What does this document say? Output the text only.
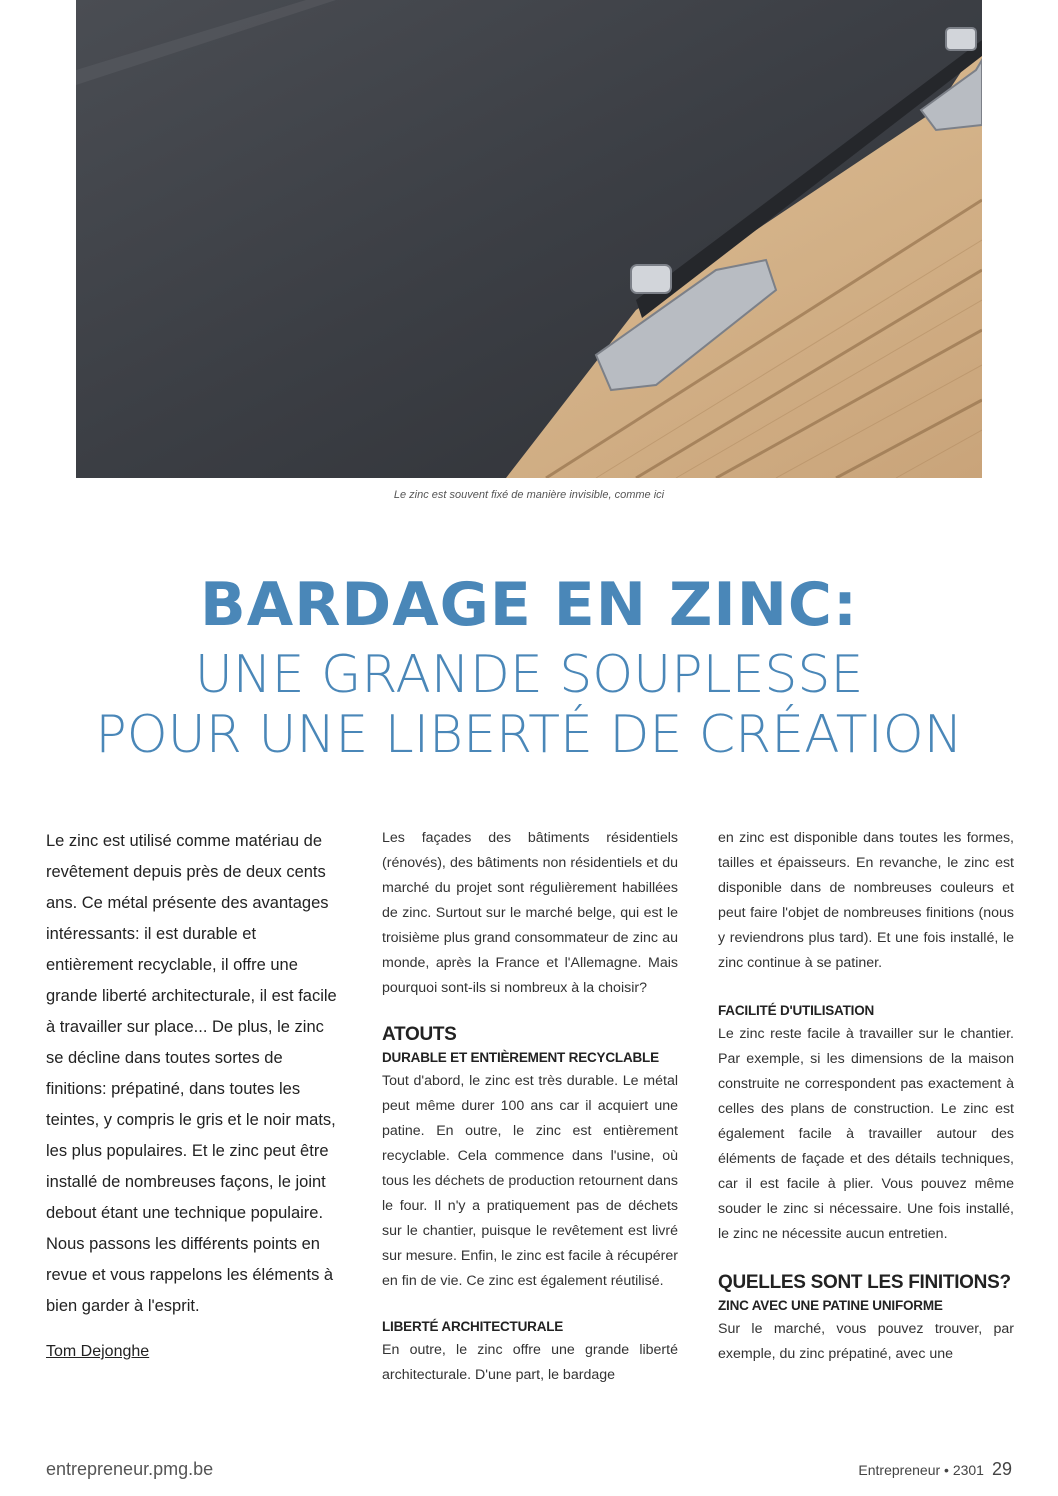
Le zinc est souvent fixé de manière invisible, comme ici
BARDAGE EN ZINC:
UNE GRANDE SOUPLESSE
POUR UNE LIBERTÉ DE CRÉATION
Le zinc est utilisé comme matériau de revêtement depuis près de deux cents ans. Ce métal présente des avantages intéressants: il est durable et entièrement recyclable, il offre une grande liberté architecturale, il est facile à travailler sur place... De plus, le zinc se décline dans toutes sortes de finitions: prépatiné, dans toutes les teintes, y compris le gris et le noir mats, les plus populaires. Et le zinc peut être installé de nombreuses façons, le joint debout étant une technique populaire. Nous passons les différents points en revue et vous rappelons les éléments à bien garder à l'esprit.
Tom Dejonghe

Les façades des bâtiments résidentiels (rénovés), des bâtiments non résidentiels et du marché du projet sont régulièrement habillées de zinc. Surtout sur le marché belge, qui est le troisième plus grand consommateur de zinc au monde, après la France et l'Allemagne. Mais pourquoi sont-ils si nombreux à la choisir?

ATOUTS

DURABLE ET ENTIÈREMENT RECYCLABLE

Tout d'abord, le zinc est très durable. Le métal peut même durer 100 ans car il acquiert une patine. En outre, le zinc est entièrement recyclable. Cela commence dans l'usine, où tous les déchets de production retournent dans le four. Il n'y a pratiquement pas de déchets sur le chantier, puisque le revêtement est livré sur mesure. Enfin, le zinc est facile à récupérer en fin de vie. Ce zinc est également réutilisé.

LIBERTÉ ARCHITECTURALE

En outre, le zinc offre une grande liberté architecturale. D'une part, le bardage

en zinc est disponible dans toutes les formes, tailles et épaisseurs. En revanche, le zinc est disponible dans de nombreuses couleurs et peut faire l'objet de nombreuses finitions (nous y reviendrons plus tard). Et une fois installé, le zinc continue à se patiner.

FACILITÉ D'UTILISATION

Le zinc reste facile à travailler sur le chantier. Par exemple, si les dimensions de la maison construite ne correspondent pas exactement à celles des plans de construction. Le zinc est également facile à travailler autour des éléments de façade et des détails techniques, car il est facile à plier. Vous pouvez même souder le zinc si nécessaire. Une fois installé, le zinc ne nécessite aucun entretien.

QUELLES SONT LES FINITIONS?

ZINC AVEC UNE PATINE UNIFORME

Sur le marché, vous pouvez trouver, par exemple, du zinc prépatiné, avec une

entrepreneur.pmg.be	Entrepreneur • 2301 29
